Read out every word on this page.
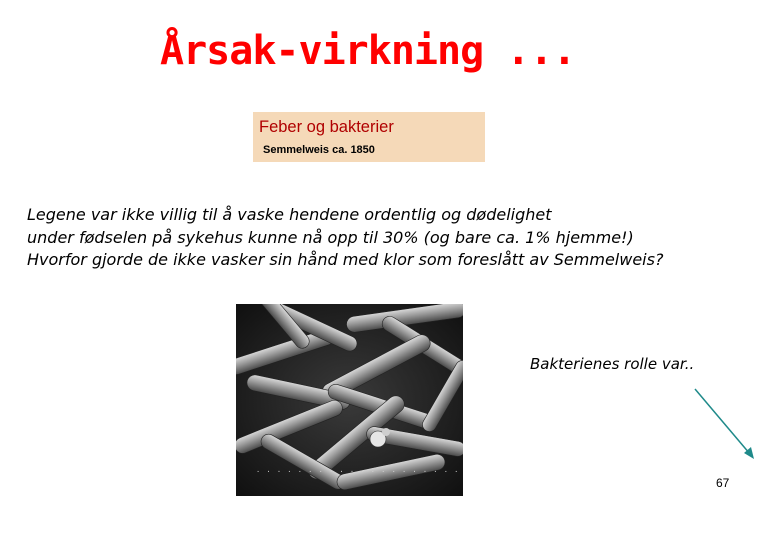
Årsak-virkning ...
Feber og bakterier
Semmelweis ca. 1850
Legene var ikke villig til å vaske hendene ordentlig og dødelighet
under fødselen på sykehus kunne nå opp til 30% (og bare ca. 1% hjemme!)
Hvorfor gjorde de ikke vasker sin hånd med klor som foreslått av Semmelweis?
· · · · · · · · · · · · · · · · · · · ·
Bakterienes rolle var..
67
